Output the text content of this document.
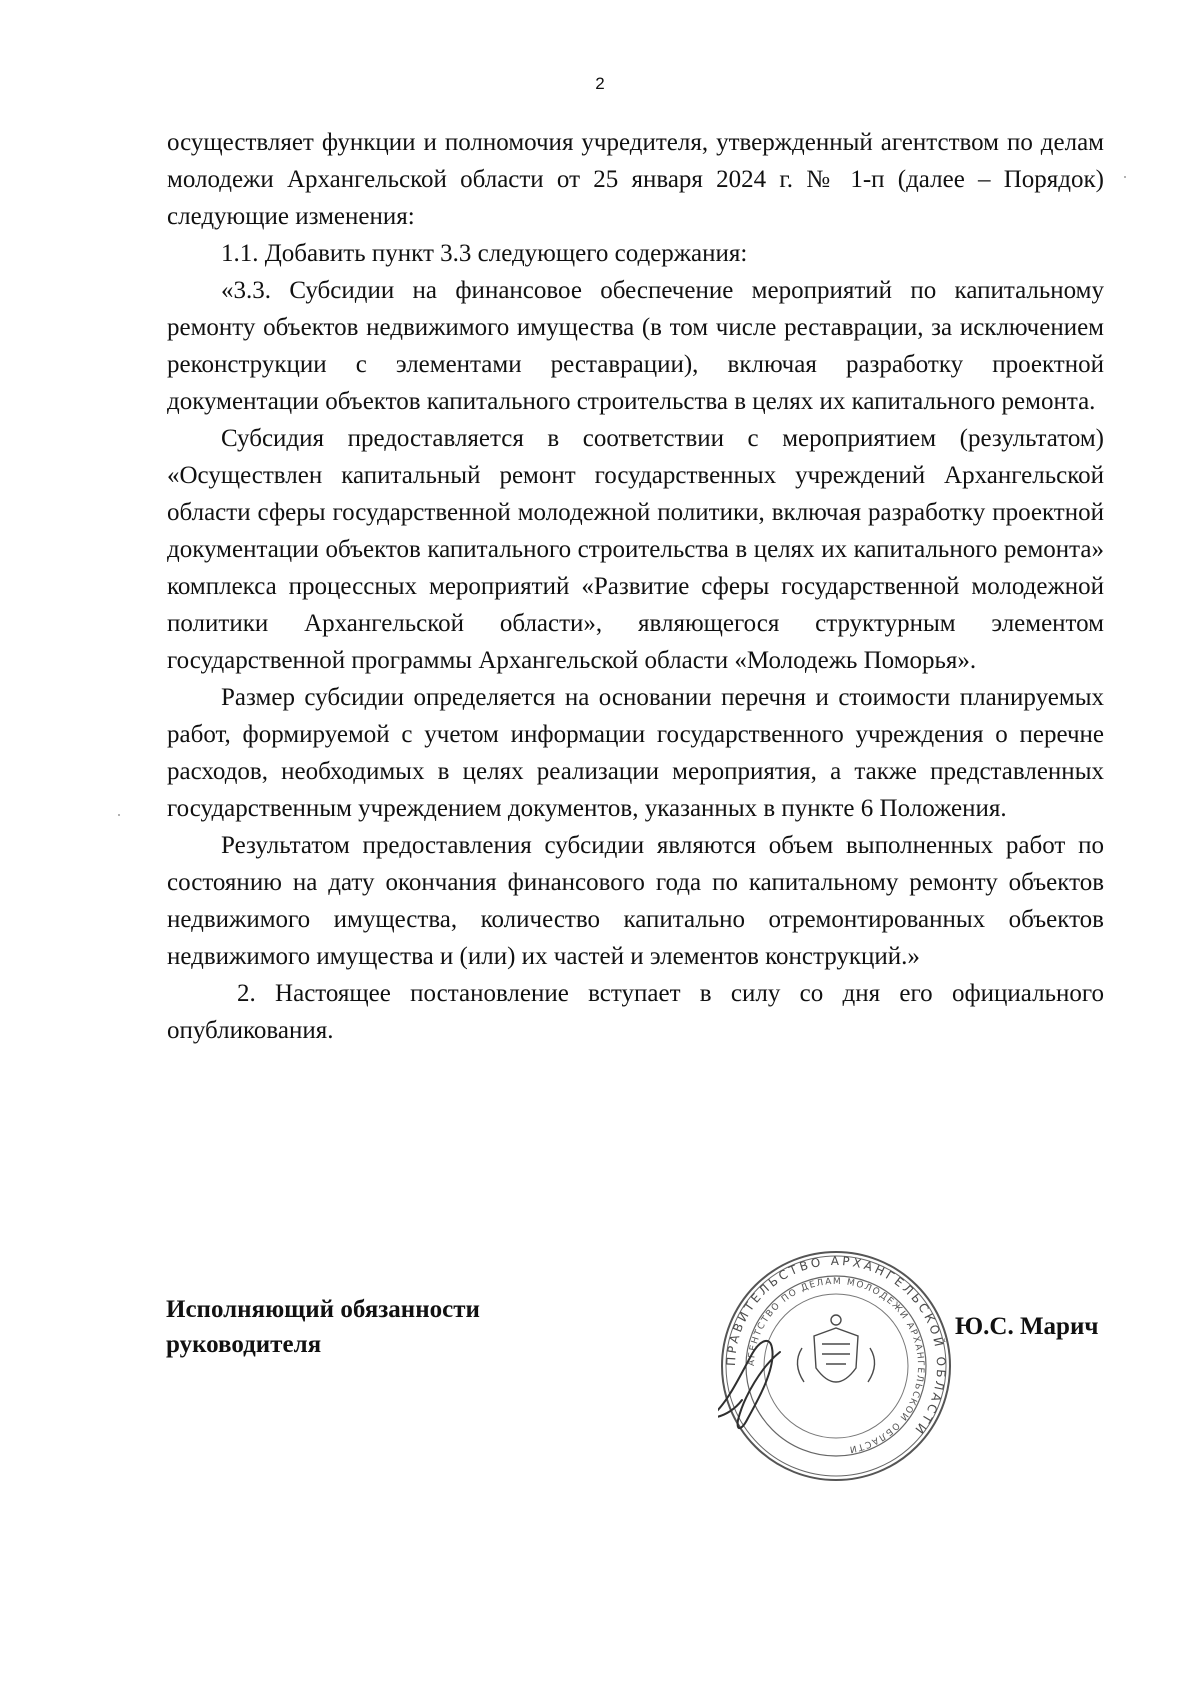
2

осуществляет функции и полномочия учредителя, утвержденный агентством по делам молодежи Архангельской области от 25 января 2024 г. № 1-п (далее – Порядок) следующие изменения:

1.1. Добавить пункт 3.3 следующего содержания:

«3.3. Субсидии на финансовое обеспечение мероприятий по капитальному ремонту объектов недвижимого имущества (в том числе реставрации, за исключением реконструкции с элементами реставрации), включая разработку проектной документации объектов капитального строительства в целях их капитального ремонта.

Субсидия предоставляется в соответствии с мероприятием (результатом) «Осуществлен капитальный ремонт государственных учреждений Архангельской области сферы государственной молодежной политики, включая разработку проектной документации объектов капитального строительства в целях их капитального ремонта» комплекса процессных мероприятий «Развитие сферы государственной молодежной политики Архангельской области», являющегося структурным элементом государственной программы Архангельской области «Молодежь Поморья».

Размер субсидии определяется на основании перечня и стоимости планируемых работ, формируемой с учетом информации государственного учреждения о перечне расходов, необходимых в целях реализации мероприятия, а также представленных государственным учреждением документов, указанных в пункте 6 Положения.

Результатом предоставления субсидии являются объем выполненных работ по состоянию на дату окончания финансового года по капитальному ремонту объектов недвижимого имущества, количество капитально отремонтированных объектов недвижимого имущества и (или) их частей и элементов конструкций.»

2. Настоящее постановление вступает в силу со дня его официального опубликования.

Исполняющий обязанности
руководителя
ПРАВИТЕЛЬСТВО АРХАНГЕЛЬСКОЙ ОБЛАСТИ
АГЕНТСТВО ПО ДЕЛАМ МОЛОДЕЖИ АРХАНГЕЛЬСКОЙ ОБЛАСТИ
Ю.С. Марич
